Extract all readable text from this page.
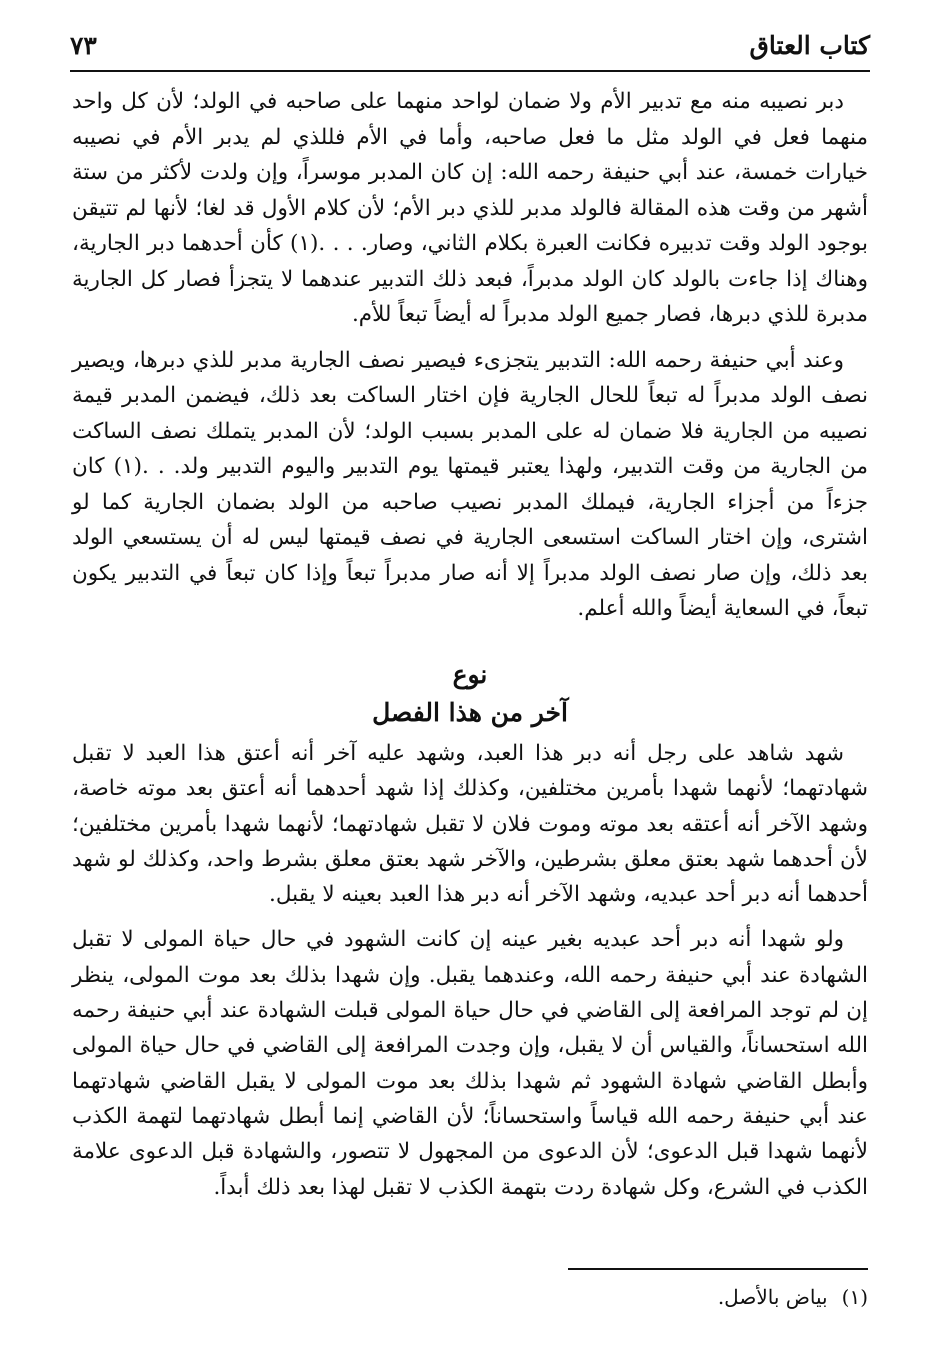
كتاب العتاق
٧٣

دبر نصيبه منه مع تدبير الأم ولا ضمان لواحد منهما على صاحبه في الولد؛ لأن كل واحد منهما فعل في الولد مثل ما فعل صاحبه، وأما في الأم فللذي لم يدبر الأم في نصيبه خيارات خمسة، عند أبي حنيفة رحمه الله: إن كان المدبر موسراً، وإن ولدت لأكثر من ستة أشهر من وقت هذه المقالة فالولد مدبر للذي دبر الأم؛ لأن كلام الأول قد لغا؛ لأنها لم تتيقن بوجود الولد وقت تدبيره فكانت العبرة بكلام الثاني، وصار. . . .(١) كأن أحدهما دبر الجارية، وهناك إذا جاءت بالولد كان الولد مدبراً، فبعد ذلك التدبير عندهما لا يتجزأ فصار كل الجارية مدبرة للذي دبرها، فصار جميع الولد مدبراً له أيضاً تبعاً للأم.

وعند أبي حنيفة رحمه الله: التدبير يتجزىء فيصير نصف الجارية مدبر للذي دبرها، ويصير نصف الولد مدبراً له تبعاً للحال الجارية فإن اختار الساكت بعد ذلك، فيضمن المدبر قيمة نصيبه من الجارية فلا ضمان له على المدبر بسبب الولد؛ لأن المدبر يتملك نصف الساكت من الجارية من وقت التدبير، ولهذا يعتبر قيمتها يوم التدبير واليوم التدبير ولد. . .(١) كان جزءاً من أجزاء الجارية، فيملك المدبر نصيب صاحبه من الولد بضمان الجارية كما لو اشترى، وإن اختار الساكت استسعى الجارية في نصف قيمتها ليس له أن يستسعي الولد بعد ذلك، وإن صار نصف الولد مدبراً إلا أنه صار مدبراً تبعاً وإذا كان تبعاً في التدبير يكون تبعاً، في السعاية أيضاً والله أعلم.

نوع
آخر من هذا الفصل

شهد شاهد على رجل أنه دبر هذا العبد، وشهد عليه آخر أنه أعتق هذا العبد لا تقبل شهادتهما؛ لأنهما شهدا بأمرين مختلفين، وكذلك إذا شهد أحدهما أنه أعتق بعد موته خاصة، وشهد الآخر أنه أعتقه بعد موته وموت فلان لا تقبل شهادتهما؛ لأنهما شهدا بأمرين مختلفين؛ لأن أحدهما شهد بعتق معلق بشرطين، والآخر شهد بعتق معلق بشرط واحد، وكذلك لو شهد أحدهما أنه دبر أحد عبديه، وشهد الآخر أنه دبر هذا العبد بعينه لا يقبل.

ولو شهدا أنه دبر أحد عبديه بغير عينه إن كانت الشهود في حال حياة المولى لا تقبل الشهادة عند أبي حنيفة رحمه الله، وعندهما يقبل. وإن شهدا بذلك بعد موت المولى، ينظر إن لم توجد المرافعة إلى القاضي في حال حياة المولى قبلت الشهادة عند أبي حنيفة رحمه الله استحساناً، والقياس أن لا يقبل، وإن وجدت المرافعة إلى القاضي في حال حياة المولى وأبطل القاضي شهادة الشهود ثم شهدا بذلك بعد موت المولى لا يقبل القاضي شهادتهما عند أبي حنيفة رحمه الله قياساً واستحساناً؛ لأن القاضي إنما أبطل شهادتهما لتهمة الكذب لأنهما شهدا قبل الدعوى؛ لأن الدعوى من المجهول لا تتصور، والشهادة قبل الدعوى علامة الكذب في الشرع، وكل شهادة ردت بتهمة الكذب لا تقبل لهذا بعد ذلك أبداً.

(١)بياض بالأصل.
